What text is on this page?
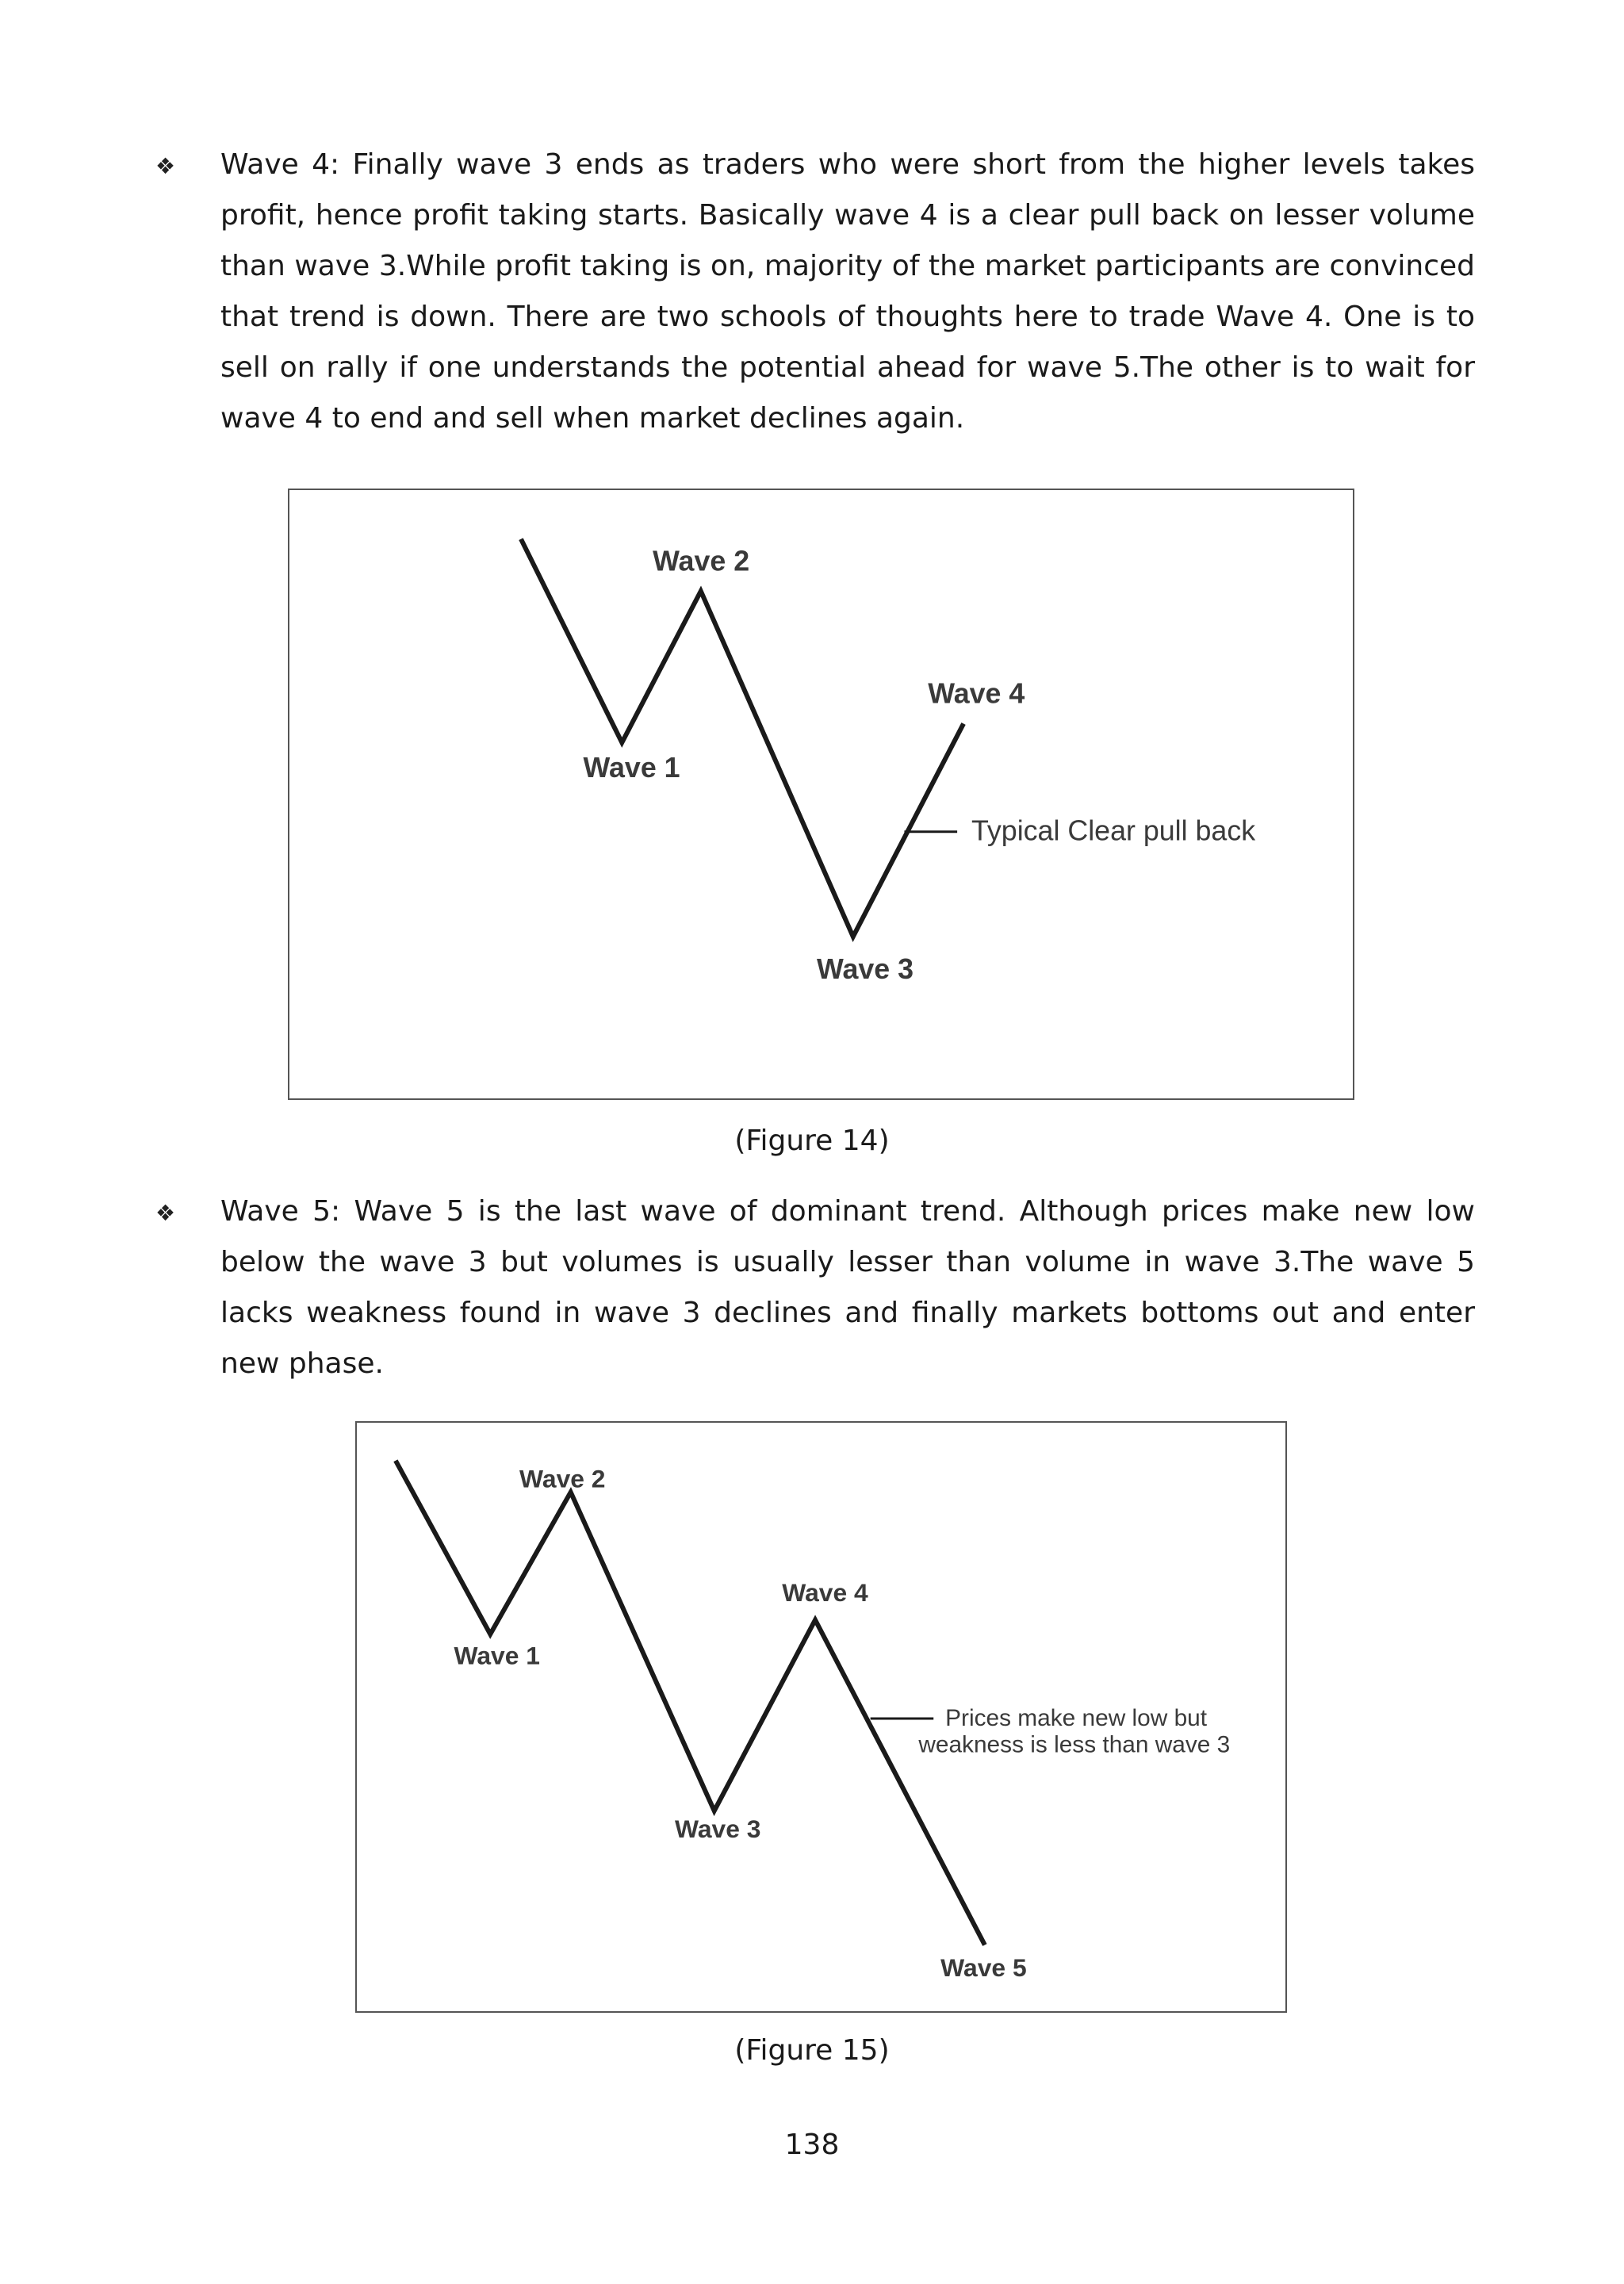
❖ Wave 4: Finally wave 3 ends as traders who were short from the higher levels takes profit, hence profit taking starts. Basically wave 4 is a clear pull back on lesser volume than wave 3.While profit taking is on, majority of the market participants are convinced that trend is down. There are two schools of thoughts here to trade Wave 4. One is to sell on rally if one understands the potential ahead for wave 5.The other is to wait for wave 4 to end and sell when market declines again.
Wave 2
Wave 1
Wave 4
Wave 3
Typical Clear pull back
(Figure 14)
❖ Wave 5: Wave 5 is the last wave of dominant trend. Although prices make new low below the wave 3 but volumes is usually lesser than volume in wave 3.The wave 5 lacks weakness found in wave 3 declines and finally markets bottoms out and enter new phase.
Wave 2
Wave 1
Wave 4
Wave 3
Wave 5
Prices make new low but
weakness is less than wave 3
(Figure 15)
138
